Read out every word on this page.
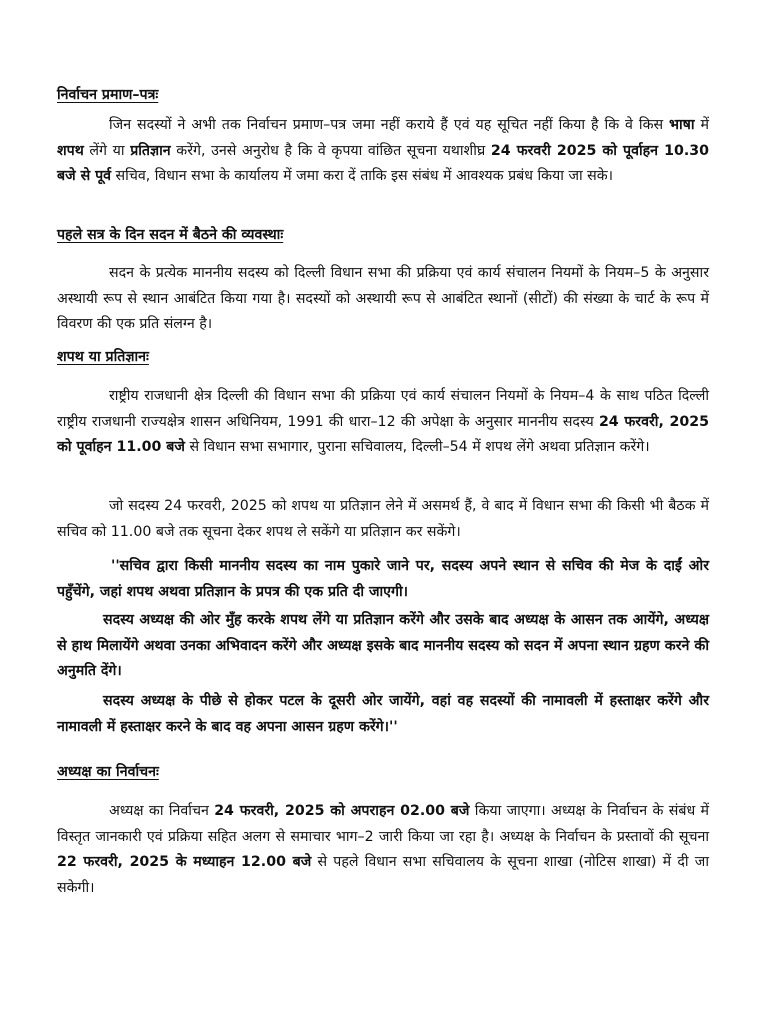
निर्वाचन प्रमाण–पत्रः
जिन सदस्यों ने अभी तक निर्वाचन प्रमाण–पत्र जमा नहीं कराये हैं एवं यह सूचित नहीं किया है कि वे किस भाषा में शपथ लेंगे या प्रतिज्ञान करेंगे, उनसे अनुरोध है कि वे कृपया वांछित सूचना यथाशीघ्र 24 फरवरी 2025 को पूर्वाहन 10.30 बजे से पूर्व सचिव, विधान सभा के कार्यालय में जमा करा दें ताकि इस संबंध में आवश्यक प्रबंध किया जा सके।
पहले सत्र के दिन सदन में बैठने की व्यवस्थाः
सदन के प्रत्येक माननीय सदस्य को दिल्ली विधान सभा की प्रक्रिया एवं कार्य संचालन नियमों के नियम–5 के अनुसार अस्थायी रूप से स्थान आबंटित किया गया है। सदस्यों को अस्थायी रूप से आबंटित स्थानों (सीटों) की संख्या के चार्ट के रूप में विवरण की एक प्रति संलग्न है।
शपथ या प्रतिज्ञानः
राष्ट्रीय राजधानी क्षेत्र दिल्ली की विधान सभा की प्रक्रिया एवं कार्य संचालन नियमों के नियम–4 के साथ पठित दिल्ली राष्ट्रीय राजधानी राज्यक्षेत्र शासन अधिनियम, 1991 की धारा–12 की अपेक्षा के अनुसार माननीय सदस्य 24 फरवरी, 2025 को पूर्वाहन 11.00 बजे से विधान सभा सभागार, पुराना सचिवालय, दिल्ली–54 में शपथ लेंगे अथवा प्रतिज्ञान करेंगे।
जो सदस्य 24 फरवरी, 2025 को शपथ या प्रतिज्ञान लेने में असमर्थ हैं, वे बाद में विधान सभा की किसी भी बैठक में सचिव को 11.00 बजे तक सूचना देकर शपथ ले सकेंगे या प्रतिज्ञान कर सकेंगे।
''सचिव द्वारा किसी माननीय सदस्य का नाम पुकारे जाने पर, सदस्य अपने स्थान से सचिव की मेज के दाईं ओर पहुँचेंगे, जहां शपथ अथवा प्रतिज्ञान के प्रपत्र की एक प्रति दी जाएगी।
सदस्य अध्यक्ष की ओर मुँह करके शपथ लेंगे या प्रतिज्ञान करेंगे और उसके बाद अध्यक्ष के आसन तक आयेंगे, अध्यक्ष से हाथ मिलायेंगे अथवा उनका अभिवादन करेंगे और अध्यक्ष इसके बाद माननीय सदस्य को सदन में अपना स्थान ग्रहण करने की अनुमति देंगे।
सदस्य अध्यक्ष के पीछे से होकर पटल के दूसरी ओर जायेंगे, वहां वह सदस्यों की नामावली में हस्ताक्षर करेंगे और नामावली में हस्ताक्षर करने के बाद वह अपना आसन ग्रहण करेंगे।''
अध्यक्ष का निर्वाचनः
अध्यक्ष का निर्वाचन 24 फरवरी, 2025 को अपराहन 02.00 बजे किया जाएगा। अध्यक्ष के निर्वाचन के संबंध में विस्तृत जानकारी एवं प्रक्रिया सहित अलग से समाचार भाग–2 जारी किया जा रहा है। अध्यक्ष के निर्वाचन के प्रस्तावों की सूचना 22 फरवरी, 2025 के मध्याहन 12.00 बजे से पहले विधान सभा सचिवालय के सूचना शाखा (नोटिस शाखा) में दी जा सकेगी।
